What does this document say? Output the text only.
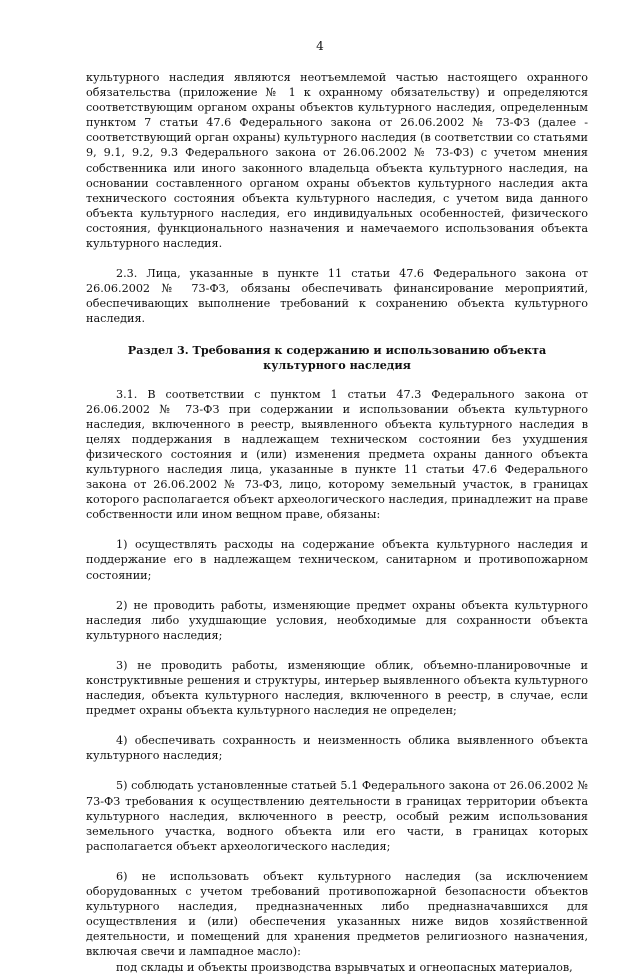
4

культурного наследия являются неотъемлемой частью настоящего охранного обязательства (приложение № 1 к охранному обязательству) и определяются соответствующим органом охраны объектов культурного наследия, определенным пунктом 7 статьи 47.6 Федерального закона от 26.06.2002 № 73-ФЗ (далее - соответствующий орган охраны) культурного наследия (в соответствии со статьями 9, 9.1, 9.2, 9.3 Федерального закона от 26.06.2002 № 73-ФЗ) с учетом мнения собственника или иного законного владельца объекта культурного наследия, на основании составленного органом охраны объектов культурного наследия акта технического состояния объекта культурного наследия, с учетом вида данного объекта культурного наследия, его индивидуальных особенностей, физического состояния, функционального назначения и намечаемого использования объекта культурного наследия.

2.3. Лица, указанные в пункте 11 статьи 47.6 Федерального закона от 26.06.2002 № 73-ФЗ, обязаны обеспечивать финансирование мероприятий, обеспечивающих выполнение требований к сохранению объекта культурного наследия.

Раздел 3. Требования к содержанию и использованию объекта культурного наследия

3.1. В соответствии с пунктом 1 статьи 47.3 Федерального закона от 26.06.2002 № 73-ФЗ при содержании и использовании объекта культурного наследия, включенного в реестр, выявленного объекта культурного наследия в целях поддержания в надлежащем техническом состоянии без ухудшения физического состояния и (или) изменения предмета охраны данного объекта культурного наследия лица, указанные в пункте 11 статьи 47.6 Федерального закона от 26.06.2002 № 73-ФЗ, лицо, которому земельный участок, в границах которого располагается объект археологического наследия, принадлежит на праве собственности или ином вещном праве, обязаны:

1) осуществлять расходы на содержание объекта культурного наследия и поддержание его в надлежащем техническом, санитарном и противопожарном состоянии;

2) не проводить работы, изменяющие предмет охраны объекта культурного наследия либо ухудшающие условия, необходимые для сохранности объекта культурного наследия;

3) не проводить работы, изменяющие облик, объемно-планировочные и конструктивные решения и структуры, интерьер выявленного объекта культурного наследия, объекта культурного наследия, включенного в реестр, в случае, если предмет охраны объекта культурного наследия не определен;

4) обеспечивать сохранность и неизменность облика выявленного объекта культурного наследия;

5) соблюдать установленные статьей 5.1 Федерального закона от 26.06.2002 № 73-ФЗ требования к осуществлению деятельности в границах территории объекта культурного наследия, включенного в реестр, особый режим использования земельного участка, водного объекта или его части, в границах которых располагается объект археологического наследия;

6) не использовать объект культурного наследия (за исключением оборудованных с учетом требований противопожарной безопасности объектов культурного наследия, предназначенных либо предназначавшихся для осуществления и (или) обеспечения указанных ниже видов хозяйственной деятельности, и помещений для хранения предметов религиозного назначения, включая свечи и лампадное масло):

под склады и объекты производства взрывчатых и огнеопасных материалов,
